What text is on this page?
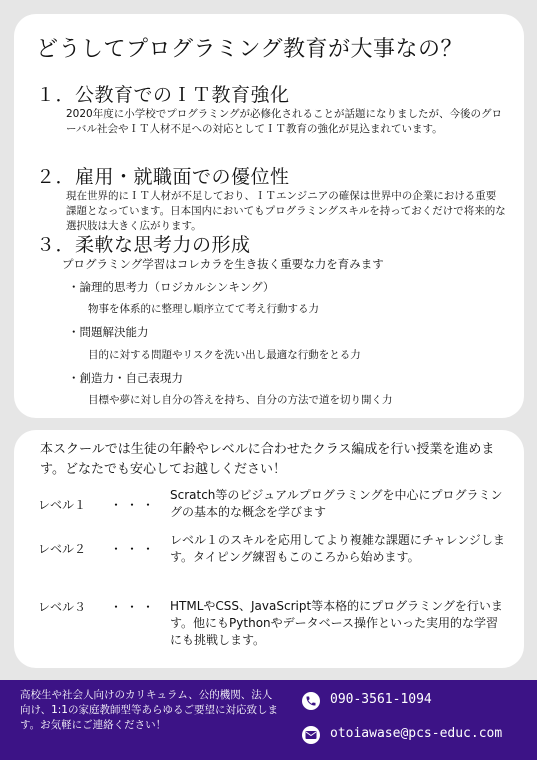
どうしてプログラミング教育が大事なの？
１．公教育でのＩＴ教育強化
2020年度に小学校でプログラミングが必修化されることが話題になりましたが、今後のグローバル社会やＩＴ人材不足への対応としてＩＴ教育の強化が見込まれています。
２．雇用・就職面での優位性
現在世界的にＩＴ人材が不足しており、ＩＴエンジニアの確保は世界中の企業における重要課題となっています。日本国内においてもプログラミングスキルを持っておくだけで将来的な選択肢は大きく広がります。
３．柔軟な思考力の形成
プログラミング学習はコレカラを生き抜く重要な力を育みます
・論理的思考力（ロジカルシンキング）
物事を体系的に整理し順序立てて考え行動する力
・問題解決能力
目的に対する問題やリスクを洗い出し最適な行動をとる力
・創造力・自己表現力
目標や夢に対し自分の答えを持ち、自分の方法で道を切り開く力
本スクールでは生徒の年齢やレベルに合わせたクラス編成を行い授業を進めます。どなたでも安心してお越しください！
レベル１ ・・・
Scratch等のビジュアルプログラミングを中心にプログラミングの基本的な概念を学びます
レベル２ ・・・
レベル１のスキルを応用してより複雑な課題にチャレンジします。タイピング練習もこのころから始めます。
レベル３ ・・・ HTMLやCSS、JavaScript等本格的にプログラミングを行います。他にもPythonやデータベース操作といった実用的な学習にも挑戦します。
高校生や社会人向けのカリキュラム、公的機関、法人向け、1:1の家庭教師型等あらゆるご要望に対応致します。お気軽にご連絡ください！
090-3561-1094
otoiawase@pcs-educ.com
